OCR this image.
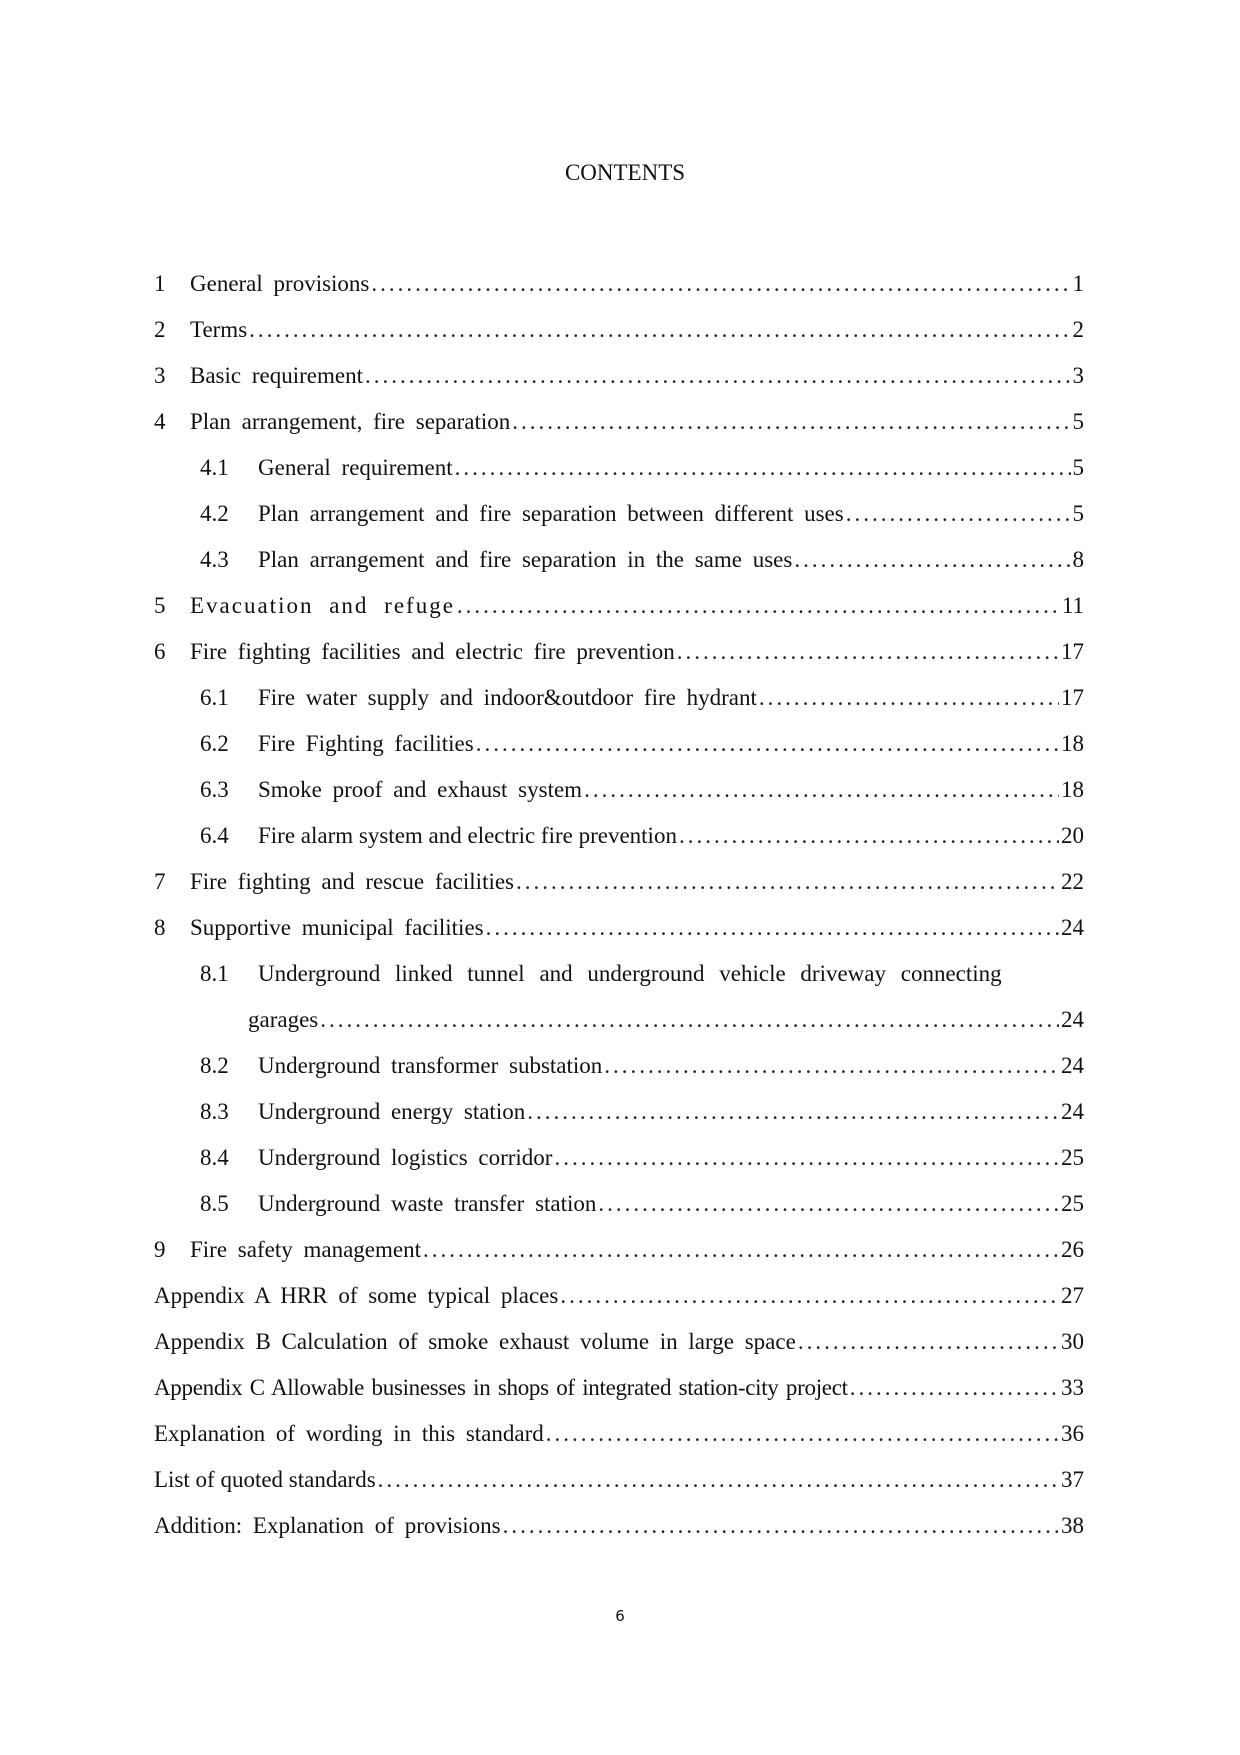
CONTENTS
1	General provisions .....	1
2	Terms .....	2
3	Basic requirement .....	3
4	Plan arrangement, fire separation .....	5
4.1	General requirement .....	5
4.2	Plan arrangement and fire separation between different uses .....	5
4.3	Plan arrangement and fire separation in the same uses .....	8
5	Evacuation and refuge .....	11
6	Fire fighting facilities and electric fire prevention .....	17
6.1	Fire water supply and indoor&outdoor fire hydrant .....	17
6.2	Fire Fighting facilities .....	18
6.3	Smoke proof and exhaust system .....	18
6.4	Fire alarm system and electric fire prevention .....	20
7	Fire fighting and rescue facilities .....	22
8	Supportive municipal facilities .....	24
8.1	Underground linked tunnel and underground vehicle driveway connecting
garages .....	24
8.2	Underground transformer substation .....	24
8.3	Underground energy station .....	24
8.4	Underground logistics corridor .....	25
8.5	Underground waste transfer station .....	25
9	Fire safety management .....	26
Appendix A HRR of some typical places .....	27
Appendix B Calculation of smoke exhaust volume in large space .....	30
Appendix C Allowable businesses in shops of integrated station-city project .....	33
Explanation of wording in this standard .....	36
List of quoted standards .....	37
Addition: Explanation of provisions .....	38
6
